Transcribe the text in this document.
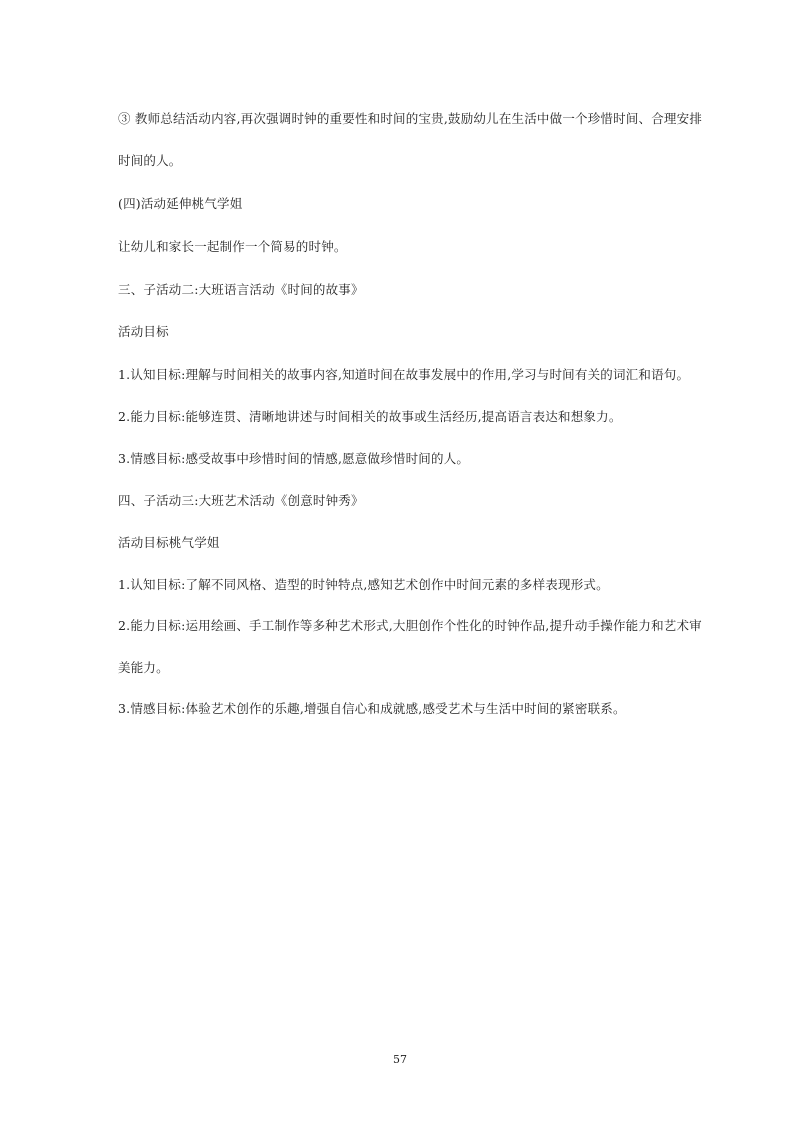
③ 教师总结活动内容,再次强调时钟的重要性和时间的宝贵,鼓励幼儿在生活中做一个珍惜时间、合理安排
时间的人。
(四)活动延伸桃气学姐
让幼儿和家长一起制作一个简易的时钟。
三、子活动二:大班语言活动《时间的故事》
活动目标
1.认知目标:理解与时间相关的故事内容,知道时间在故事发展中的作用,学习与时间有关的词汇和语句。
2.能力目标:能够连贯、清晰地讲述与时间相关的故事或生活经历,提高语言表达和想象力。
3.情感目标:感受故事中珍惜时间的情感,愿意做珍惜时间的人。
四、子活动三:大班艺术活动《创意时钟秀》
活动目标桃气学姐
1.认知目标:了解不同风格、造型的时钟特点,感知艺术创作中时间元素的多样表现形式。
2.能力目标:运用绘画、手工制作等多种艺术形式,大胆创作个性化的时钟作品,提升动手操作能力和艺术审
美能力。
3.情感目标:体验艺术创作的乐趣,增强自信心和成就感,感受艺术与生活中时间的紧密联系。
57
